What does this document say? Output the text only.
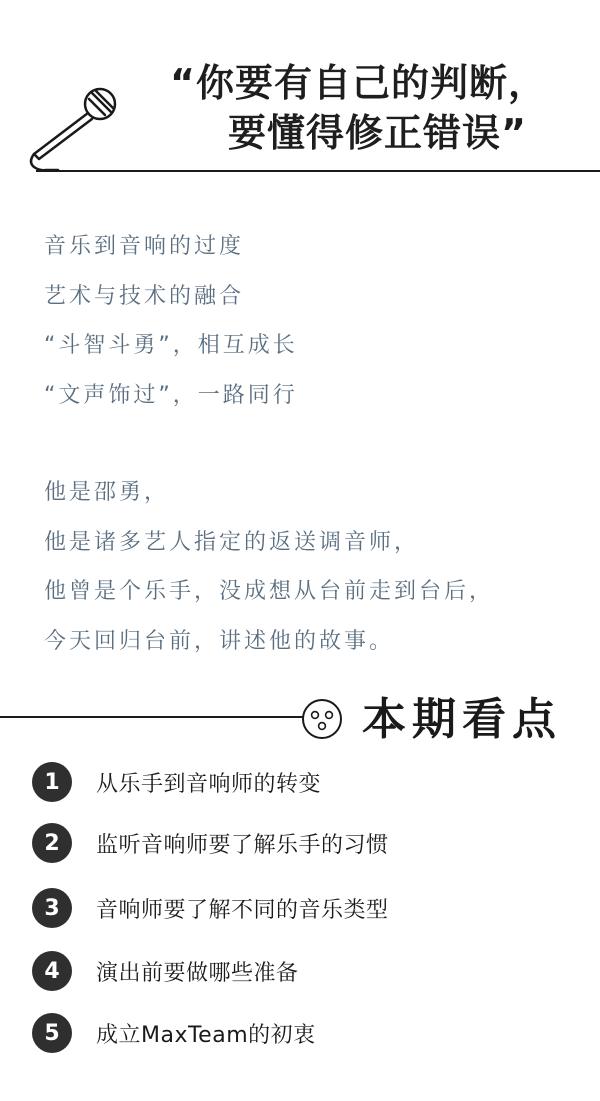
“你要有自己的判断，
要懂得修正错误”
音乐到音响的过度
艺术与技术的融合
“斗智斗勇”，相互成长
“文声饰过”，一路同行
他是邵勇，
他是诸多艺人指定的返送调音师，
他曾是个乐手，没成想从台前走到台后，
今天回归台前，讲述他的故事。
本期看点
1	从乐手到音响师的转变
2	监听音响师要了解乐手的习惯
3	音响师要了解不同的音乐类型
4	演出前要做哪些准备
5	成立MaxTeam的初衷
